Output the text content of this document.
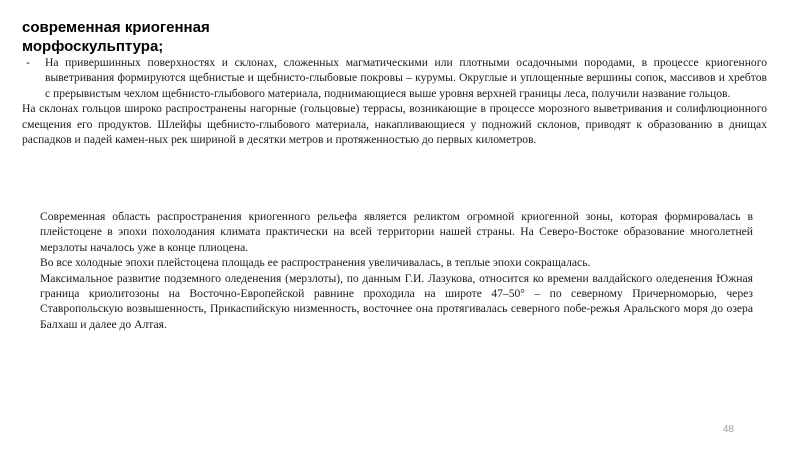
современная криогенная
морфоскульптура;
- На привершинных поверхностях и склонах, сложенных магматическими или плотными осадочными породами, в процессе криогенного выветривания формируются щебнистые и щебнисто-глыбовые покровы – курумы. Округлые и уплощенные вершины сопок, массивов и хребтов с прерывистым чехлом щебнисто-глыбового материала, поднимающиеся выше уровня верхней границы леса, получили название гольцов.
На склонах гольцов широко распространены нагорные (гольцовые) террасы, возникающие в процессе морозного выветривания и солифлюционного смещения его продуктов. Шлейфы щебнисто-глыбового материала, накапливающиеся у подножий склонов, приводят к образованию в днищах распадков и падей камен-ных рек шириной в десятки метров и протяженностью до первых километров.

Современная область распространения криогенного рельефа является реликтом огромной криогенной зоны, которая формировалась в плейстоцене в эпохи похолодания климата практически на всей территории нашей страны. На Северо-Востоке образование многолетней мерзлоты началось уже в конце плиоцена.

Во все холодные эпохи плейстоцена площадь ее распространения увеличивалась, в теплые эпохи сокращалась.

Максимальное развитие подземного оледенения (мерзлоты), по данным Г.И. Лазукова, относится ко времени валдайского оледенения Южная граница криолитозоны на Восточно-Европейской равнине проходила на широте 47–50° – по северному Причерноморью, через Ставропольскую возвышенность, Прикаспийскую низменность, восточнее она протягивалась северного побе-режья Аральского моря до озера Балхаш и далее до Алтая.

48
